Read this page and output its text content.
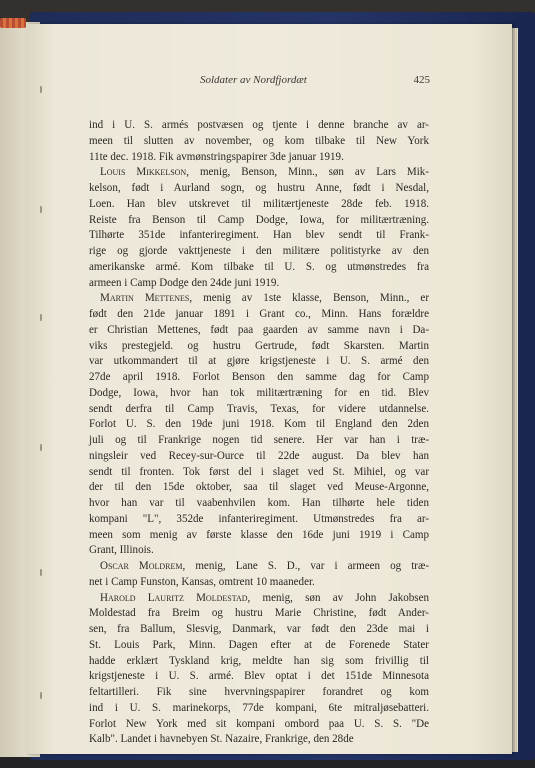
Soldater av Nordfjordæt	425
ind i U. S. armés postvæsen og tjente i denne branche av ar-
meen til slutten av november, og kom tilbake til New York
11te dec. 1918. Fik avmønstringspapirer 3de januar 1919.
Louis Mikkelson, menig, Benson, Minn., søn av Lars Mik-
kelson, født i Aurland sogn, og hustru Anne, født i Nesdal,
Loen. Han blev utskrevet til militærtjeneste 28de feb. 1918.
Reiste fra Benson til Camp Dodge, Iowa, for militærtræning.
Tilhørte 351de infanteriregiment. Han blev sendt til Frank-
rige og gjorde vakttjeneste i den militære politistyrke av den
amerikanske armé. Kom tilbake til U. S. og utmønstredes fra
armeen i Camp Dodge den 24de juni 1919.
Martin Mettenes, menig av 1ste klasse, Benson, Minn., er
født den 21de januar 1891 i Grant co., Minn. Hans forældre
er Christian Mettenes, født paa gaarden av samme navn i Da-
viks prestegjeld. og hustru Gertrude, født Skarsten. Martin
var utkommandert til at gjøre krigstjeneste i U. S. armé den
27de april 1918. Forlot Benson den samme dag for Camp
Dodge, Iowa, hvor han tok militærtræning for en tid. Blev
sendt derfra til Camp Travis, Texas, for videre utdannelse.
Forlot U. S. den 19de juni 1918. Kom til England den 2den
juli og til Frankrige nogen tid senere. Her var han i træ-
ningsleir ved Recey-sur-Ource til 22de august. Da blev han
sendt til fronten. Tok først del i slaget ved St. Mihiel, og var
der til den 15de oktober, saa til slaget ved Meuse-Argonne,
hvor han var til vaabenhvilen kom. Han tilhørte hele tiden
kompani "L", 352de infanteriregiment. Utmønstredes fra ar-
meen som menig av første klasse den 16de juni 1919 i Camp
Grant, Illinois.
Oscar Moldrem, menig, Lane S. D., var i armeen og træ-
net i Camp Funston, Kansas, omtrent 10 maaneder.
Harold Lauritz Moldestad, menig, søn av John Jakobsen
Moldestad fra Breim og hustru Marie Christine, født Ander-
sen, fra Ballum, Slesvig, Danmark, var født den 23de mai i
St. Louis Park, Minn. Dagen efter at de Forenede Stater
hadde erklært Tyskland krig, meldte han sig som frivillig til
krigstjeneste i U. S. armé. Blev optat i det 151de Minnesota
feltartilleri. Fik sine hvervningspapirer forandret og kom
ind i U. S. marinekorps, 77de kompani, 6te mitraljøsebatteri.
Forlot New York med sit kompani ombord paa U. S. S. "De
Kalb". Landet i havnebyen St. Nazaire, Frankrige, den 28de
